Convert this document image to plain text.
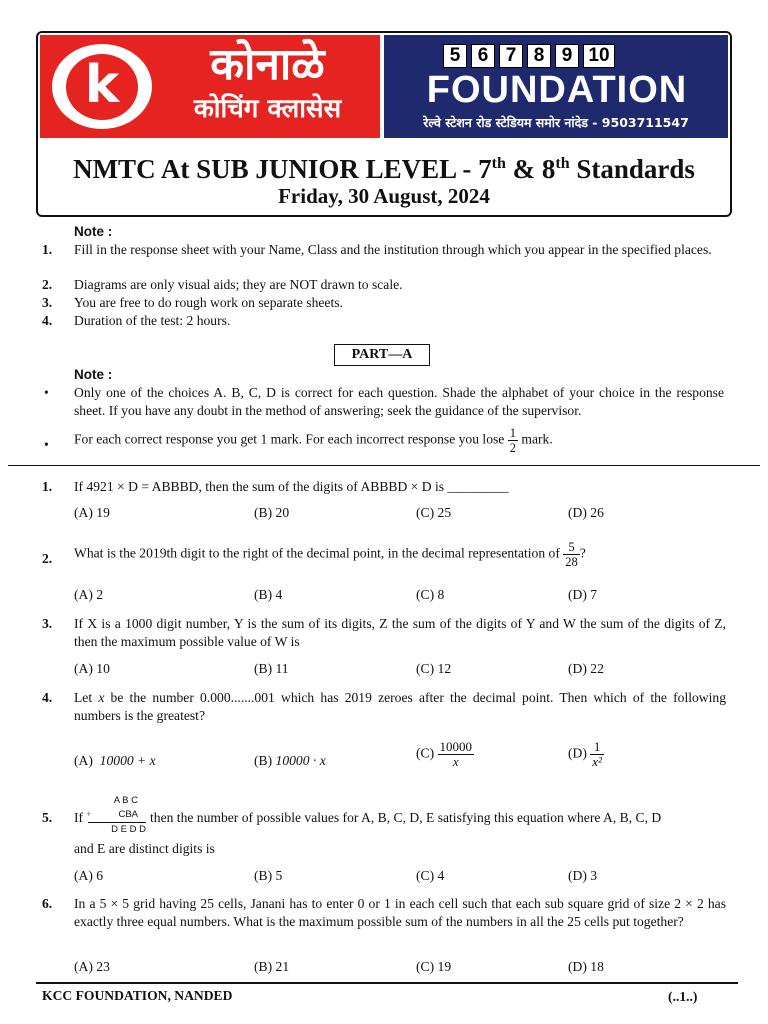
k	कोनाळे
कोचिंग क्लासेस
5 6 7 8 9 10
FOUNDATION
रेल्वे स्टेशन रोड स्टेडियम समोर नांदेड - 9503711547
NMTC At SUB JUNIOR LEVEL - 7th & 8th Standards
Friday, 30 August, 2024
Note :
1. Fill in the response sheet with your Name, Class and the institution through which you appear in the specified places.
2. Diagrams are only visual aids; they are NOT drawn to scale.
3. You are free to do rough work on separate sheets.
4. Duration of the test: 2 hours.
PART—A
Note :
• Only one of the choices A. B, C, D is correct for each question. Shade the alphabet of your choice in the response sheet. If you have any doubt in the method of answering; seek the guidance of the supervisor.
• For each correct response you get 1 mark. For each incorrect response you lose $\frac{1}{2}$ mark.
1. If 4921 × D = ABBBD, then the sum of the digits of ABBBD × D is _________
(A) 19	(B) 20	(C) 25	(D) 26
2. What is the 2019th digit to the right of the decimal point, in the decimal representation of $\frac{5}{28}$ ?
(A) 2	(B) 4	(C) 8	(D) 7
3. If X is a 1000 digit number, Y is the sum of its digits, Z the sum of the digits of Y and W the sum of the digits of Z, then the maximum possible value of W is
(A) 10	(B) 11	(C) 12	(D) 22
4. Let x be the number 0.000.......001 which has 2019 zeroes after the decimal point. Then which of the following numbers is the greatest?
(A) 10000 + x	(B) 10000 · x	$(C) \frac{10000}{x}$	$(D) \frac{1}{\text{x²}}$
5. If
A B C
+	CBA
D E D D
then the number of possible values for A, B, C, D, E satisfying this equation where A, B, C, D
and E are distinct digits is
(A) 6	(B) 5	(C) 4	(D) 3
6. In a 5 × 5 grid having 25 cells, Janani has to enter 0 or 1 in each cell such that each sub square grid of size 2 × 2 has exactly three equal numbers. What is the maximum possible sum of the numbers in all the 25 cells put together?
(A) 23	(B) 21	(C) 19	(D) 18
KCC FOUNDATION, NANDED	(..1..)
